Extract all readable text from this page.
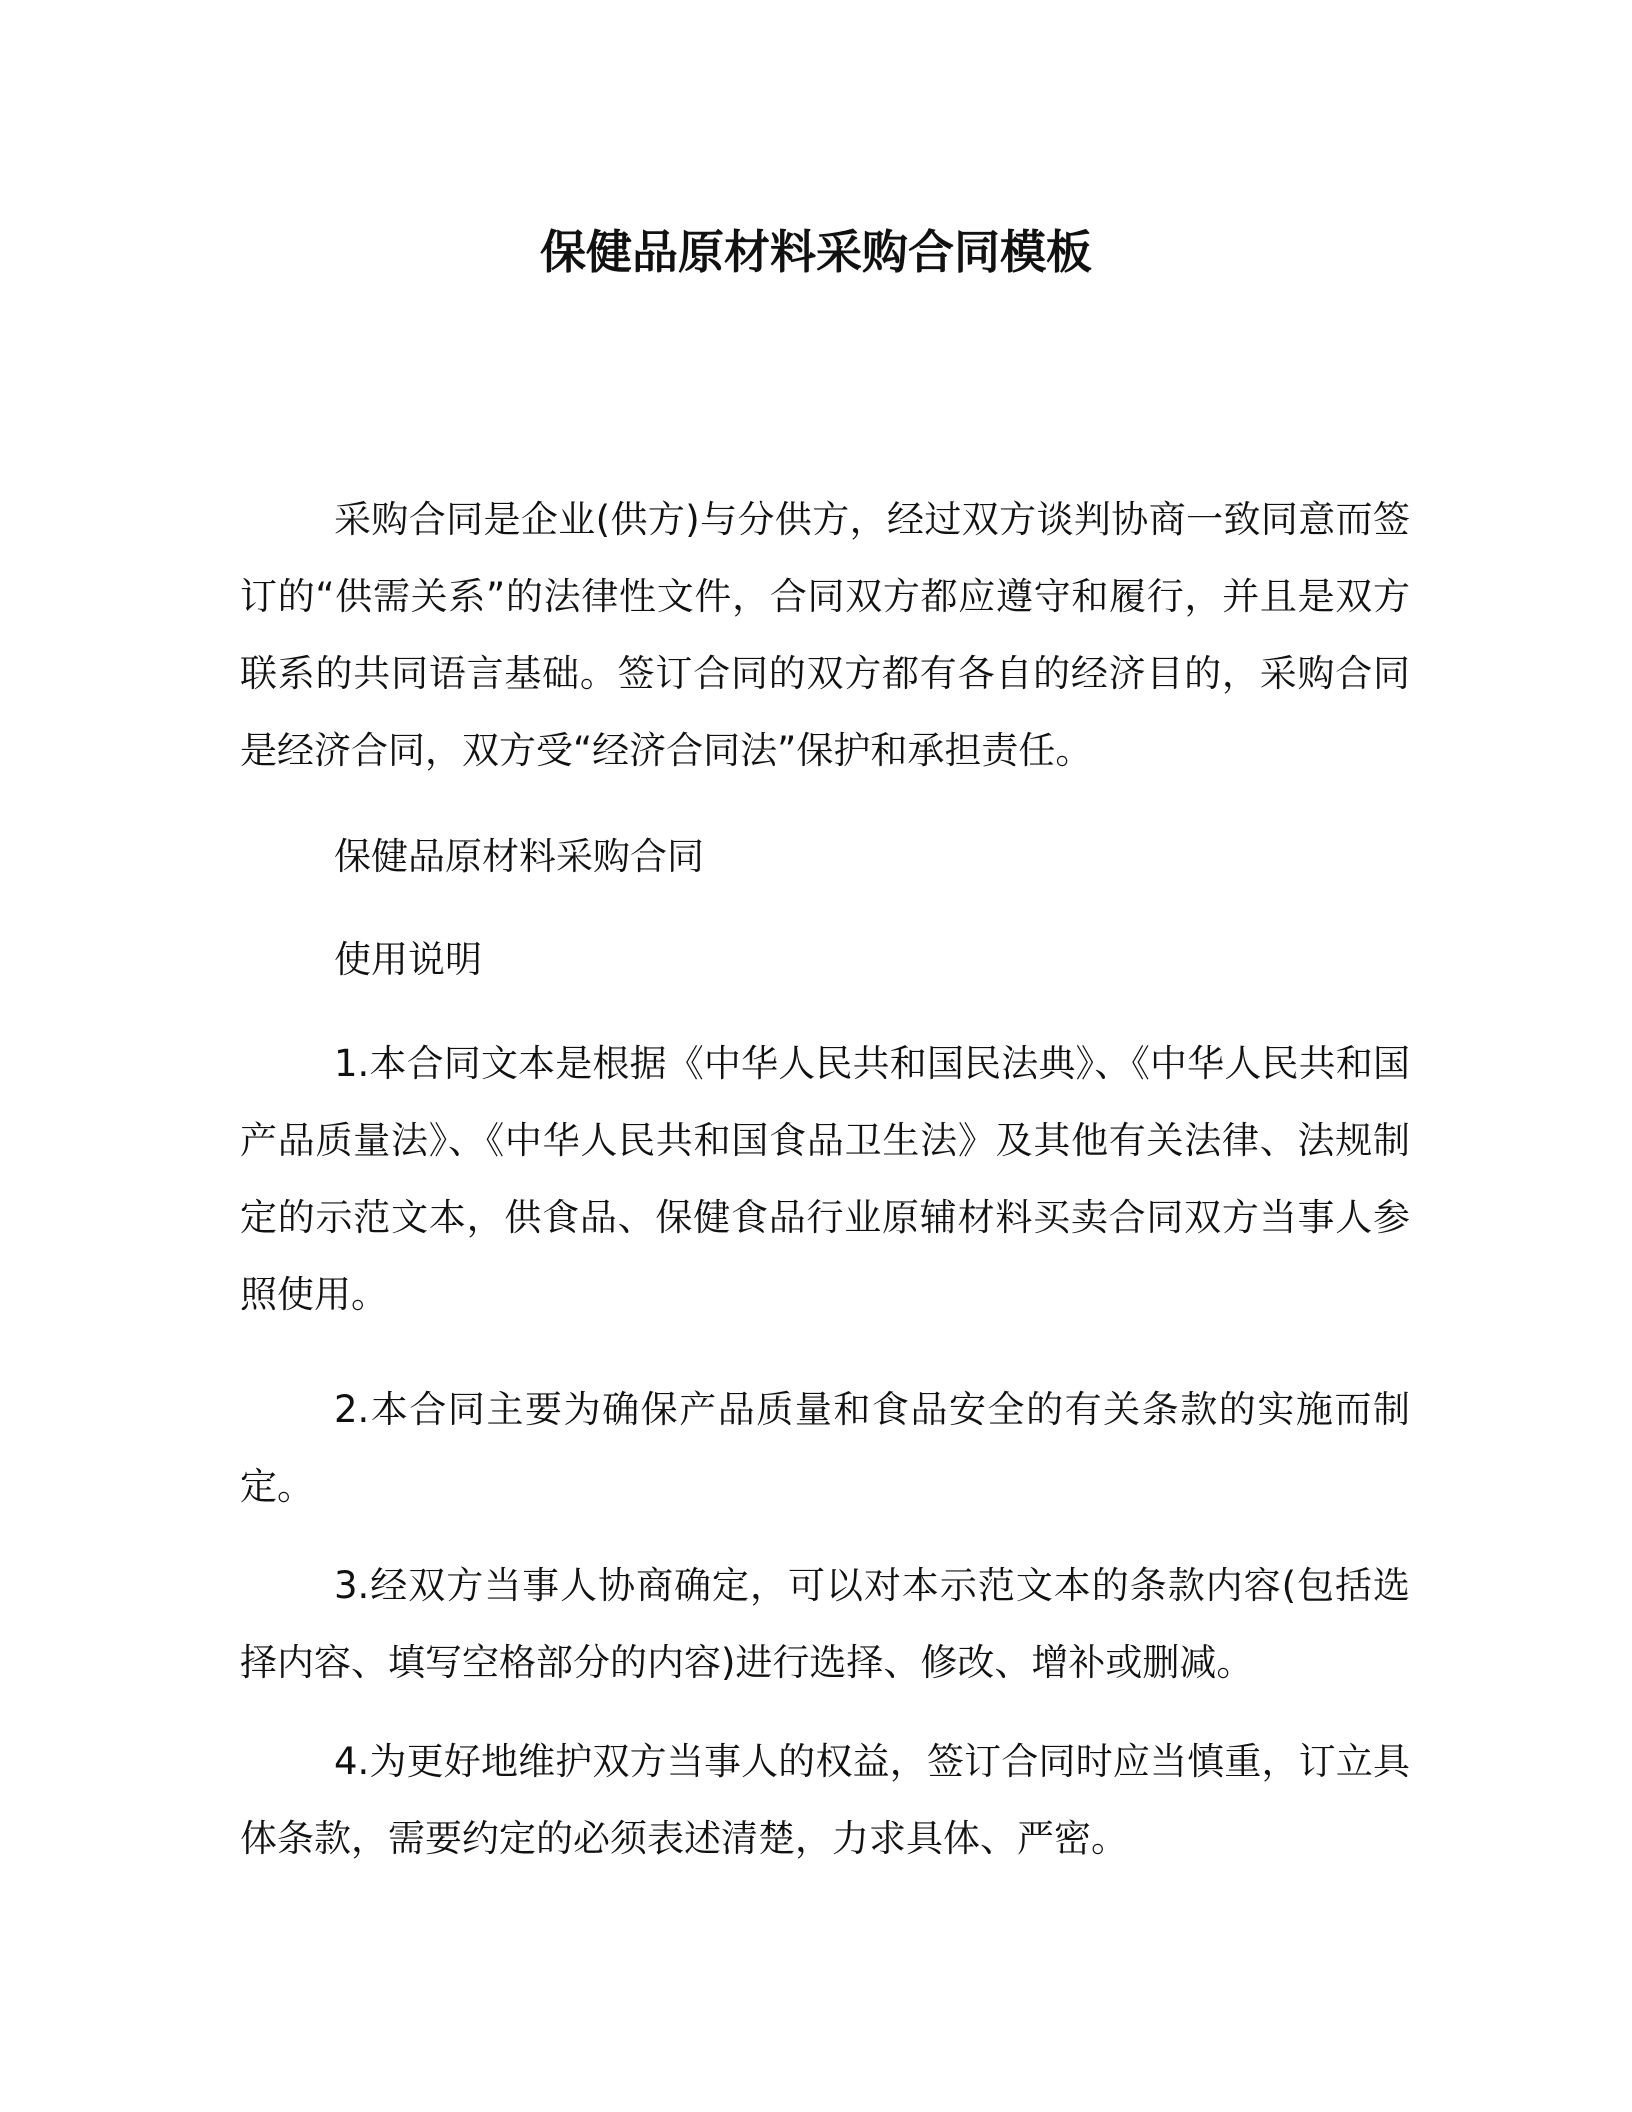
保健品原材料采购合同模板

采购合同是企业(供方)与分供方，经过双方谈判协商一致同意而签订的“供需关系”的法律性文件，合同双方都应遵守和履行，并且是双方联系的共同语言基础。签订合同的双方都有各自的经济目的，采购合同是经济合同，双方受“经济合同法”保护和承担责任。

保健品原材料采购合同

使用说明

1.本合同文本是根据《中华人民共和国民法典》、《中华人民共和国产品质量法》、《中华人民共和国食品卫生法》及其他有关法律、法规制定的示范文本，供食品、保健食品行业原辅材料买卖合同双方当事人参照使用。

2.本合同主要为确保产品质量和食品安全的有关条款的实施而制定。

3.经双方当事人协商确定，可以对本示范文本的条款内容(包括选择内容、填写空格部分的内容)进行选择、修改、增补或删减。

4.为更好地维护双方当事人的权益，签订合同时应当慎重，订立具体条款，需要约定的必须表述清楚，力求具体、严密。
